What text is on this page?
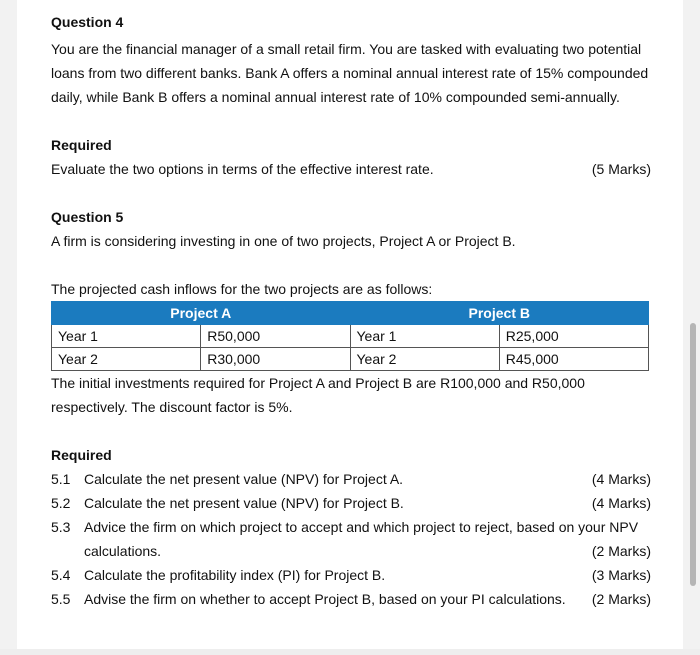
Question 4

You are the financial manager of a small retail firm. You are tasked with evaluating two potential loans from two different banks. Bank A offers a nominal annual interest rate of 15% compounded daily, while Bank B offers a nominal annual interest rate of 10% compounded semi-annually.

Required

Evaluate the two options in terms of the effective interest rate.	(5 Marks)

Question 5

A firm is considering investing in one of two projects, Project A or Project B.

The projected cash inflows for the two projects are as follows:

Project A		Project B	
Year 1	R50,000	Year 1	R25,000
Year 2	R30,000	Year 2	R45,000

The initial investments required for Project A and Project B are R100,000 and R50,000 respectively. The discount factor is 5%.

Required

5.1 Calculate the net present value (NPV) for Project A.	(4 Marks)
5.2 Calculate the net present value (NPV) for Project B.	(4 Marks)
5.3 Advice the firm on which project to accept and which project to reject, based on your NPV
calculations.	(2 Marks)
5.4 Calculate the profitability index (PI) for Project B.	(3 Marks)
5.5 Advise the firm on whether to accept Project B, based on your PI calculations. (2 Marks)
